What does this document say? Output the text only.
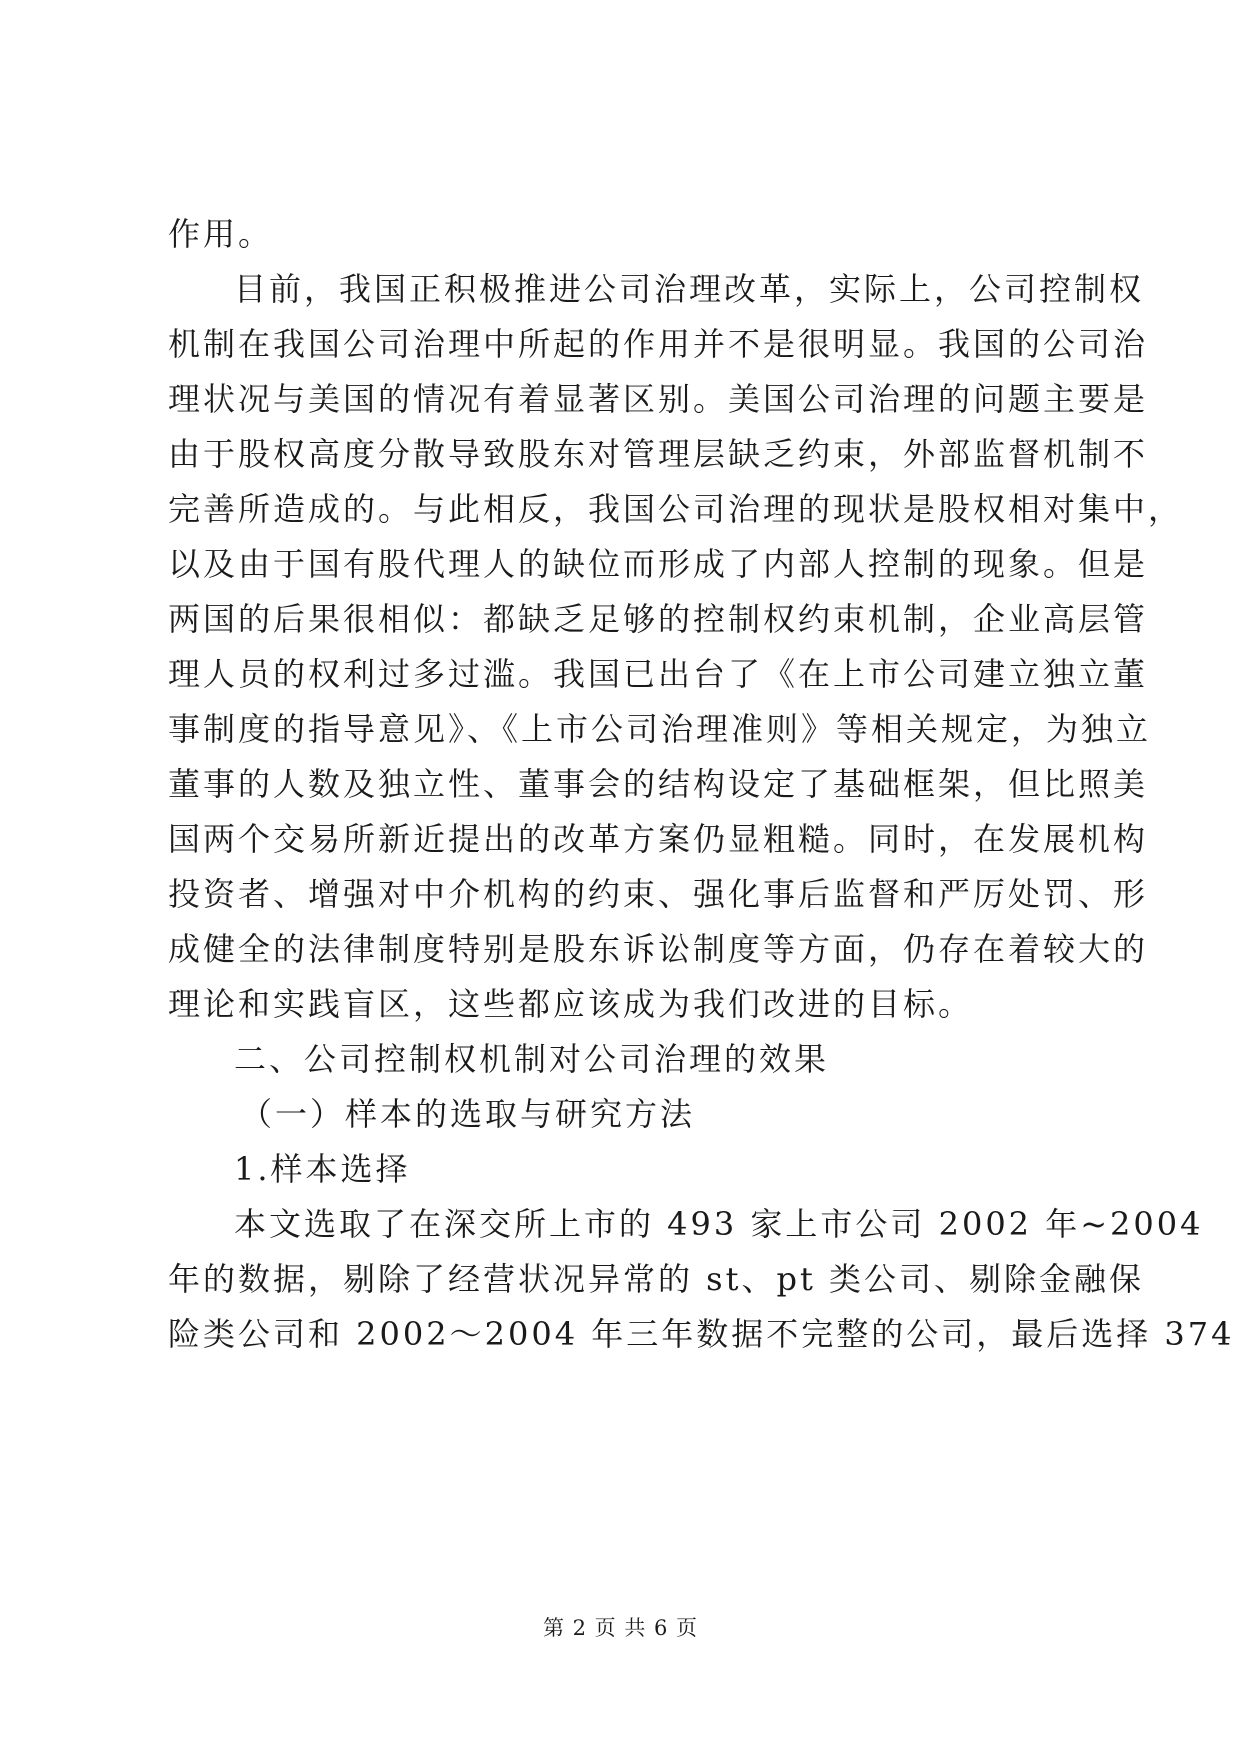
作用。
目前，我国正积极推进公司治理改革，实际上，公司控制权
机制在我国公司治理中所起的作用并不是很明显。我国的公司治
理状况与美国的情况有着显著区别。美国公司治理的问题主要是
由于股权高度分散导致股东对管理层缺乏约束，外部监督机制不
完善所造成的。与此相反，我国公司治理的现状是股权相对集中，
以及由于国有股代理人的缺位而形成了内部人控制的现象。但是
两国的后果很相似：都缺乏足够的控制权约束机制，企业高层管
理人员的权利过多过滥。我国已出台了《在上市公司建立独立董
事制度的指导意见》、《上市公司治理准则》等相关规定，为独立
董事的人数及独立性、董事会的结构设定了基础框架，但比照美
国两个交易所新近提出的改革方案仍显粗糙。同时，在发展机构
投资者、增强对中介机构的约束、强化事后监督和严厉处罚、形
成健全的法律制度特别是股东诉讼制度等方面，仍存在着较大的
理论和实践盲区，这些都应该成为我们改进的目标。
二、公司控制权机制对公司治理的效果
（一）样本的选取与研究方法
1.样本选择
本文选取了在深交所上市的 493 家上市公司 2002 年~2004
年的数据，剔除了经营状况异常的 st、pt 类公司、剔除金融保
险类公司和 2002～2004 年三年数据不完整的公司，最后选择 374
第 2 页 共 6 页
